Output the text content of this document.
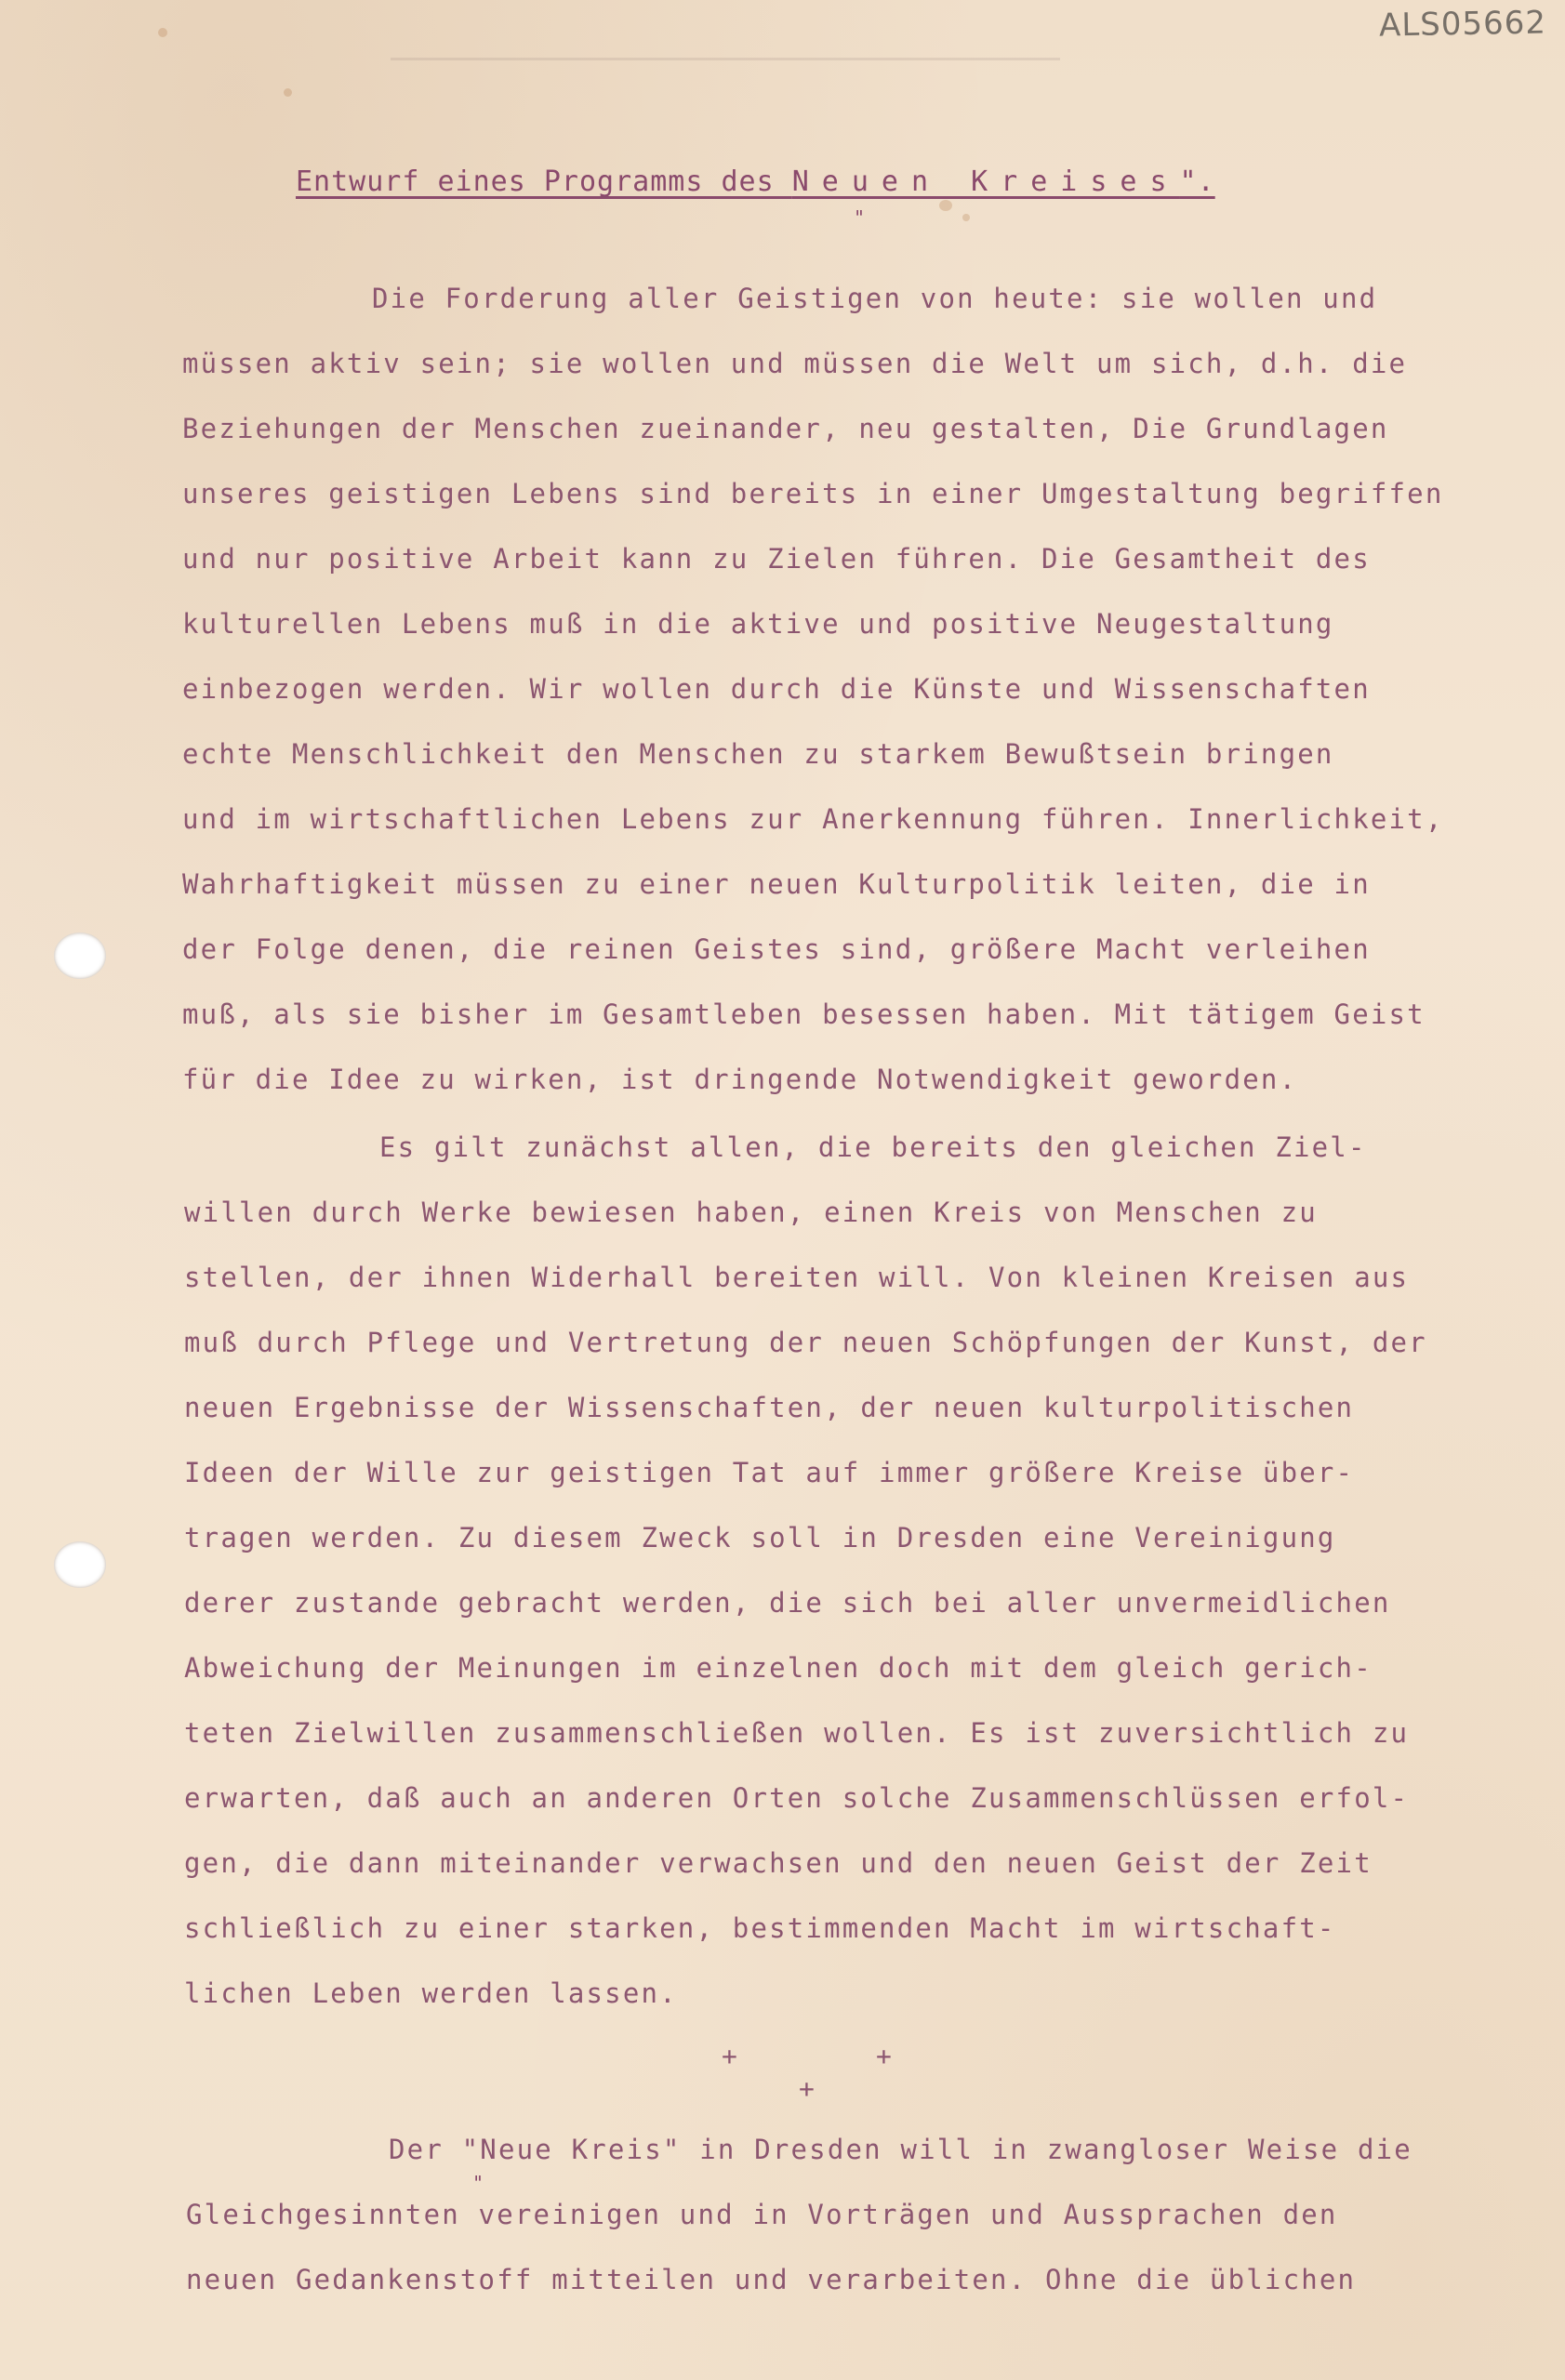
ALS05662
Entwurf eines Programms des Neuen Kreises".
"
Die Forderung aller Geistigen von heute: sie wollen und
müssen aktiv sein; sie wollen und müssen die Welt um sich, d.h. die
Beziehungen der Menschen zueinander, neu gestalten, Die Grundlagen
unseres geistigen Lebens sind bereits in einer Umgestaltung begriffen
und nur positive Arbeit kann zu Zielen führen. Die Gesamtheit des
kulturellen Lebens muß in die aktive und positive Neugestaltung
einbezogen werden. Wir wollen durch die Künste und Wissenschaften
echte Menschlichkeit den Menschen zu starkem Bewußtsein bringen
und im wirtschaftlichen Lebens zur Anerkennung führen. Innerlichkeit,
Wahrhaftigkeit müssen zu einer neuen Kulturpolitik leiten, die in
der Folge denen, die reinen Geistes sind, größere Macht verleihen
muß, als sie bisher im Gesamtleben besessen haben. Mit tätigem Geist
für die Idee zu wirken, ist dringende Notwendigkeit geworden.
Es gilt zunächst allen, die bereits den gleichen Ziel-
willen durch Werke bewiesen haben, einen Kreis von Menschen zu
stellen, der ihnen Widerhall bereiten will. Von kleinen Kreisen aus
muß durch Pflege und Vertretung der neuen Schöpfungen der Kunst, der
neuen Ergebnisse der Wissenschaften, der neuen kulturpolitischen
Ideen der Wille zur geistigen Tat auf immer größere Kreise über-
tragen werden. Zu diesem Zweck soll in Dresden eine Vereinigung
derer zustande gebracht werden, die sich bei aller unvermeidlichen
Abweichung der Meinungen im einzelnen doch mit dem gleich gerich-
teten Zielwillen zusammenschließen wollen. Es ist zuversichtlich zu
erwarten, daß auch an anderen Orten solche Zusammenschlüssen erfol-
gen, die dann miteinander verwachsen und den neuen Geist der Zeit
schließlich zu einer starken, bestimmenden Macht im wirtschaft-
lichen Leben werden lassen.
+	+
+
Der "Neue Kreis" in Dresden will in zwangloser Weise die
"
Gleichgesinnten vereinigen und in Vorträgen und Aussprachen den
neuen Gedankenstoff mitteilen und verarbeiten. Ohne die üblichen
